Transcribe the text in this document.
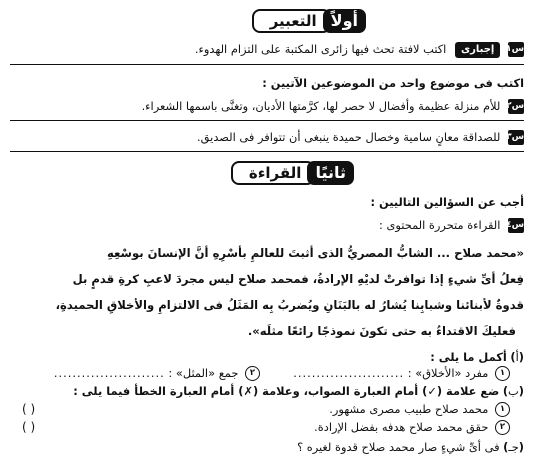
أولاً
التعبير
س١ إجبارى اكتب لافتة تحث فيها زائرى المكتبة على التزام الهدوء.
اكتب فى موضوع واحد من الموضوعين الآتيين :
س٢ للأم منزلة عظيمة وأفضال لا حصر لها، كرَّمتها الأديان، وتغنَّى باسمها الشعراء.
س٣ للصداقة معانٍ سامية وخصال حميدة ينبغى أن تتوافر فى الصديق.
ثانيًا
القراءة
أجب عن السؤالين التاليين :
س٤ القراءة متحررة المحتوى :
«محمد صلاح ... الشابُّ المصريُّ الذى أثبتَ للعالمِ بأسْرِهِ أنَّ الإنسانَ بوسْعِهِ
فِعلُ أىِّ شيءٍ إذا توافرتْ لديْهِ الإرادةُ، فمحمد صلاح ليس مجردَ لاعبِ كرةِ قدمٍ بل
قدوةٌ لأبنائنا وشبابِنا يُشارُ له بالبَنَانِ ويُضربُ بِه المَثَلُ فى الالتزامِ والأخلاقِ الحميدةِ،
فعليكَ الاقتداءُ به حتى تكونَ نموذجًا رائعًا مثلَه».
(أ) أكمل ما يلى :
١ مفرد «الأخلاق» : ........................  ٢ جمع «المثل» : ........................
(ب) ضع علامة (✓) أمام العبارة الصواب، وعلامة (✗) أمام العبارة الخطأ فيما يلى :
١ محمد صلاح طبيب مصرى مشهور.
( )
٢ حقق محمد صلاح هدفه بفضل الإرادة.
( )
(جـ) فى أىِّ شيءٍ صار محمد صلاح قدوة لغيره ؟
